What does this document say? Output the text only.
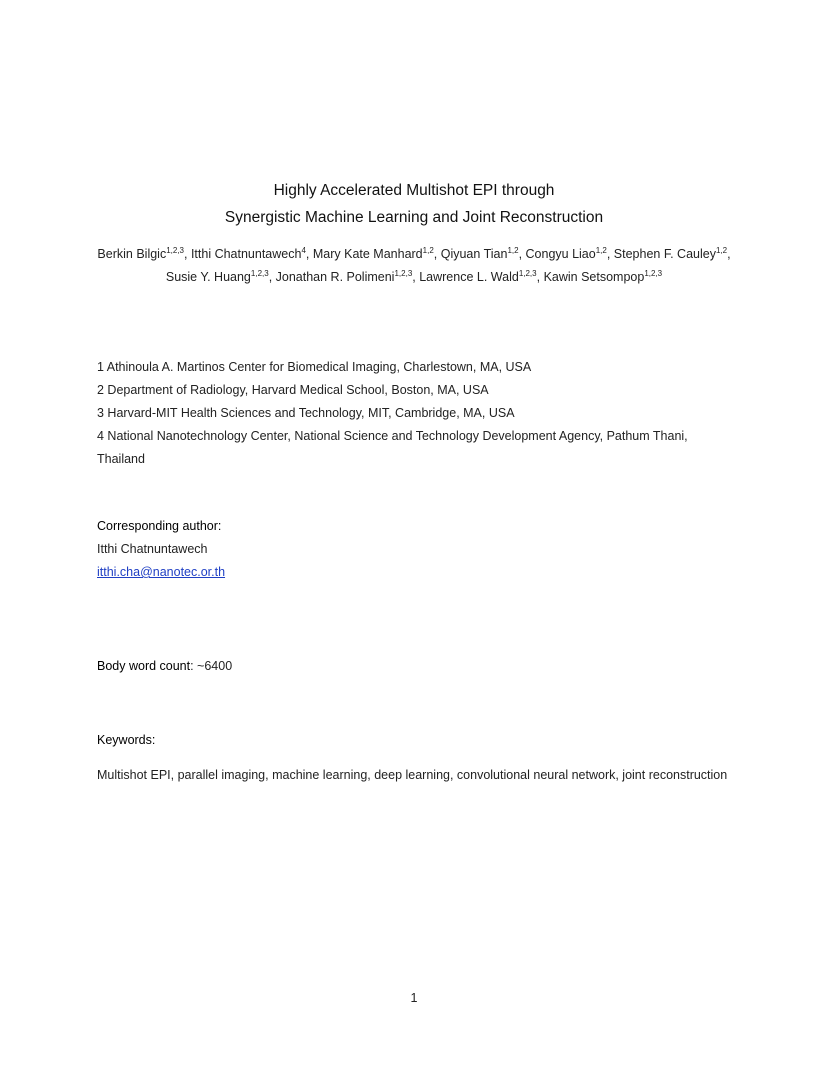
Highly Accelerated Multishot EPI through
Synergistic Machine Learning and Joint Reconstruction
Berkin Bilgic$^{1,2,3}$, Itthi Chatnuntawech$^4$, Mary Kate Manhard$^{1,2}$, Qiyuan Tian$^{1,2}$, Congyu Liao$^{1,2}$, Stephen F. Cauley$^{1,2}$, Susie Y. Huang$^{1,2,3}$, Jonathan R. Polimeni$^{1,2,3}$, Lawrence L. Wald$^{1,2,3}$, Kawin Setsompop$^{1,2,3}$
1 Athinoula A. Martinos Center for Biomedical Imaging, Charlestown, MA, USA
2 Department of Radiology, Harvard Medical School, Boston, MA, USA
3 Harvard-MIT Health Sciences and Technology, MIT, Cambridge, MA, USA
4 National Nanotechnology Center, National Science and Technology Development Agency, Pathum Thani,
Thailand
Corresponding author:
Itthi Chatnuntawech
itthi.cha@nanotec.or.th
Body word count: ~6400
Keywords:
Multishot EPI, parallel imaging, machine learning, deep learning, convolutional neural network, joint reconstruction
1
